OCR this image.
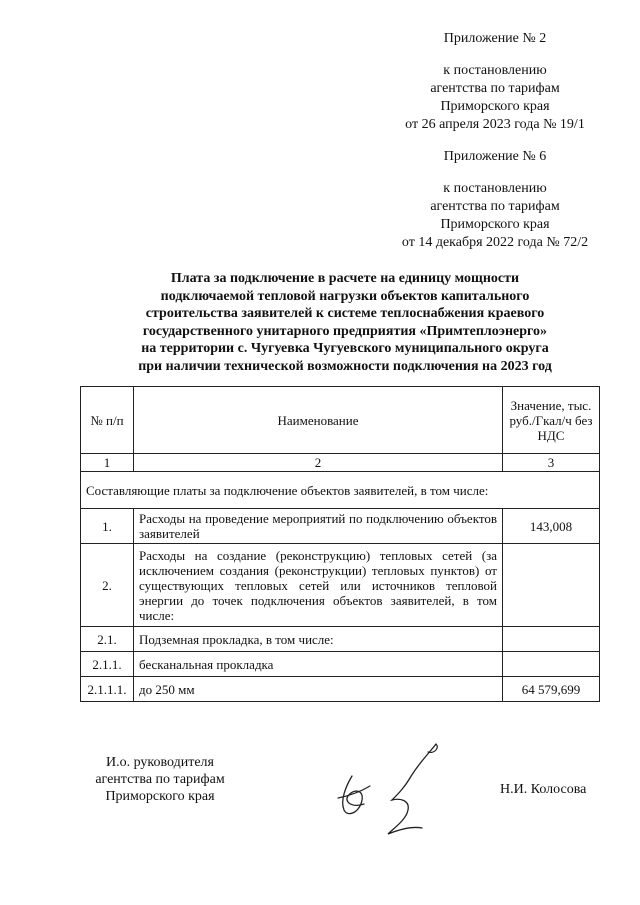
Приложение № 2
к постановлению
агентства по тарифам
Приморского края
от 26 апреля 2023 года № 19/1
Приложение № 6
к постановлению
агентства по тарифам
Приморского края
от 14 декабря 2022 года № 72/2
Плата за подключение в расчете на единицу мощности
подключаемой тепловой нагрузки объектов капитального
строительства заявителей к системе теплоснабжения краевого
государственного унитарного предприятия «Примтеплоэнерго»
на территории с. Чугуевка Чугуевского муниципального округа
при наличии технической возможности подключения на 2023 год
№ п/п	Наименование	Значение, тыс. руб./Гкал/ч без НДС
1	2	3
Составляющие платы за подключение объектов заявителей, в том числе:		
1.	Расходы на проведение мероприятий по подключению объектов заявителей	143,008
2.	Расходы на создание (реконструкцию) тепловых сетей (за исключением создания (реконструкции) тепловых пунктов) от существующих тепловых сетей или источников тепловой энергии до точек подключения объектов заявителей, в том числе:	
2.1.	Подземная прокладка, в том числе:	
2.1.1.	бесканальная прокладка	
2.1.1.1.	до 250 мм	64 579,699
И.о. руководителя
агентства по тарифам
Приморского края	Н.И. Колосова
